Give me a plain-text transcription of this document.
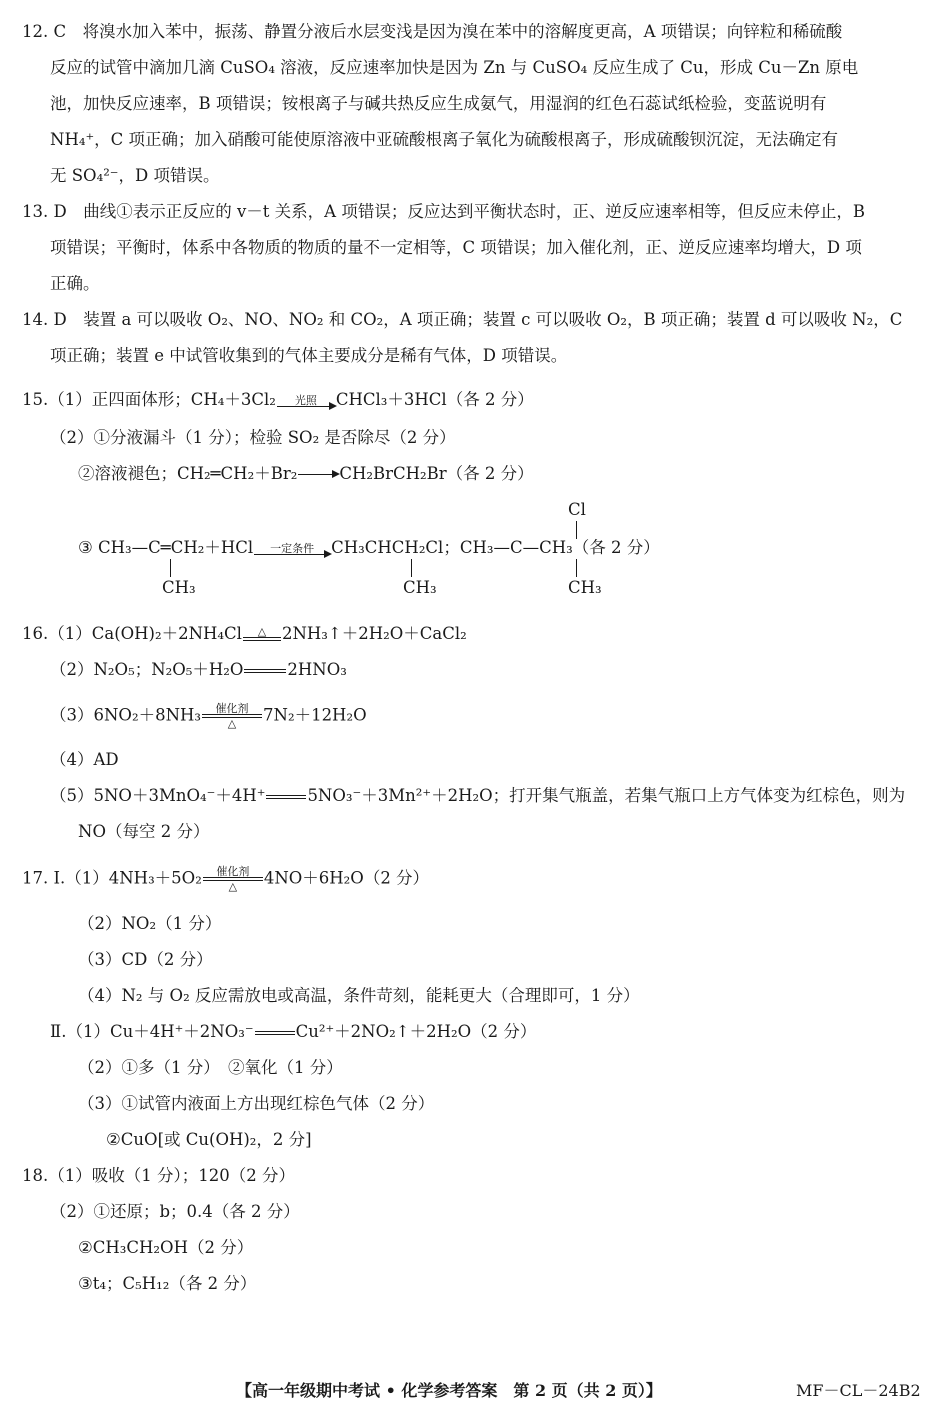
12. C　将溴水加入苯中，振荡、静置分液后水层变浅是因为溴在苯中的溶解度更高，A 项错误；向锌粒和稀硫酸
反应的试管中滴加几滴 CuSO₄ 溶液，反应速率加快是因为 Zn 与 CuSO₄ 反应生成了 Cu，形成 Cu－Zn 原电
池，加快反应速率，B 项错误；铵根离子与碱共热反应生成氨气，用湿润的红色石蕊试纸检验，变蓝说明有
NH₄⁺，C 项正确；加入硝酸可能使原溶液中亚硫酸根离子氧化为硫酸根离子，形成硫酸钡沉淀，无法确定有
无 SO₄²⁻，D 项错误。
13. D　曲线①表示正反应的 v－t 关系，A 项错误；反应达到平衡状态时，正、逆反应速率相等，但反应未停止，B
项错误；平衡时，体系中各物质的物质的量不一定相等，C 项错误；加入催化剂，正、逆反应速率均增大，D 项
正确。
14. D　装置 a 可以吸收 O₂、NO、NO₂ 和 CO₂，A 项正确；装置 c 可以吸收 O₂，B 项正确；装置 d 可以吸收 N₂，C
项正确；装置 e 中试管收集到的气体主要成分是稀有气体，D 项错误。
15.（1）正四面体形；CH₄＋3Cl₂	光照	CHCl₃＋3HCl（各 2 分）
（2）①分液漏斗（1 分）；检验 SO₂ 是否除尽（2 分）
②溶液褪色；CH₂═CH₂＋Br₂→CH₂BrCH₂Br（各 2 分）
Cl
③ CH₃—C═CH₂＋HCl	一定条件	CH₃CHCH₂Cl；CH₃—C—CH₃（各 2 分）
CH₃	CH₃	CH₃
16.（1）Ca(OH)₂＋2NH₄Cl	△ 2NH₃↑＋2H₂O＋CaCl₂
（2）N₂O₅；N₂O₅＋H₂O	2HNO₃
（3）6NO₂＋8NH₃	催化剂
△	7N₂＋12H₂O
（4）AD
（5）5NO＋3MnO₄⁻＋4H⁺	5NO₃⁻＋3Mn²⁺＋2H₂O；打开集气瓶盖，若集气瓶口上方气体变为红棕色，则为
NO（每空 2 分）
17. Ⅰ.（1）4NH₃＋5O₂	催化剂
△	4NO＋6H₂O（2 分）
（2）NO₂（1 分）
（3）CD（2 分）
（4）N₂ 与 O₂ 反应需放电或高温，条件苛刻，能耗更大（合理即可，1 分）
Ⅱ.（1）Cu＋4H⁺＋2NO₃⁻	Cu²⁺＋2NO₂↑＋2H₂O（2 分）
（2）①多（1 分）　②氧化（1 分）
（3）①试管内液面上方出现红棕色气体（2 分）
②CuO[或 Cu(OH)₂，2 分]
18.（1）吸收（1 分）；120（2 分）
（2）①还原；b；0.4（各 2 分）
②CH₃CH₂OH（2 分）
③t₄；C₅H₁₂（各 2 分）
【高一年级期中考试 • 化学参考答案　第 2 页（共 2 页）】	MF－CL－24B2
